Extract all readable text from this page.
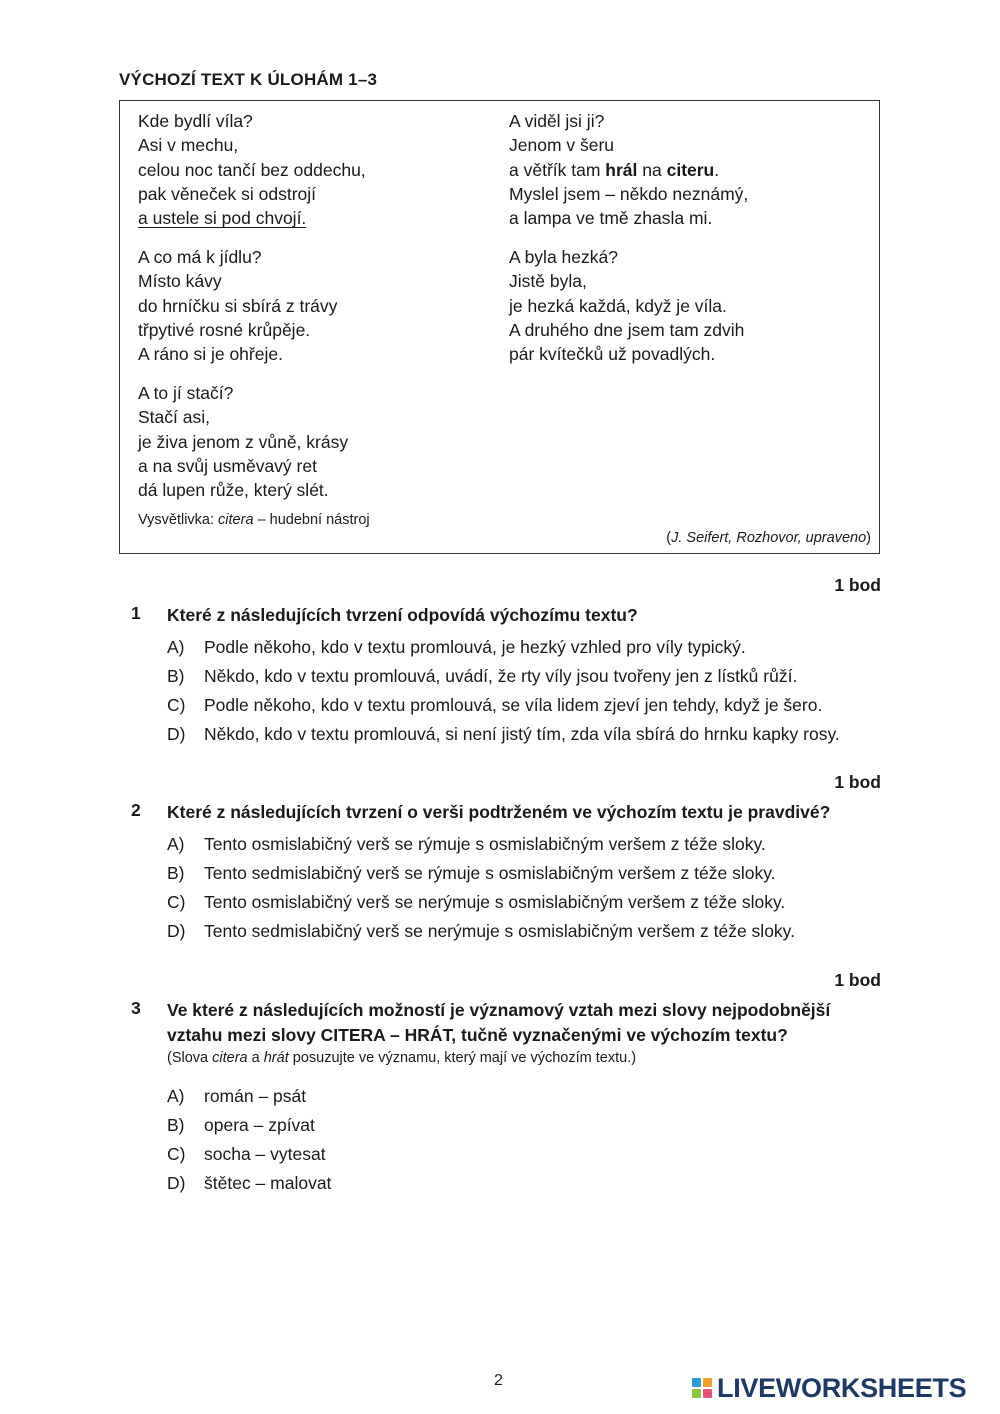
VÝCHOZÍ TEXT K ÚLOHÁM 1–3
Kde bydlí víla?
Asi v mechu,
celou noc tančí bez oddechu,
pak věneček si odstrojí
a ustele si pod chvojí.
A co má k jídlu?
Místo kávy
do hrníčku si sbírá z trávy
třpytivé rosné krůpěje.
A ráno si je ohřeje.
A to jí stačí?
Stačí asi,
je živa jenom z vůně, krásy
a na svůj usměvavý ret
dá lupen růže, který slét.
A viděl jsi ji?
Jenom v šeru
a větřík tam hrál na citeru.
Myslel jsem – někdo neznámý,
a lampa ve tmě zhasla mi.
A byla hezká?
Jistě byla,
je hezká každá, když je víla.
A druhého dne jsem tam zdvih
pár kvítečků už povadlých.
Vysvětlivka: citera – hudební nástroj
(J. Seifert, Rozhovor, upraveno)
1 bod
1 Které z následujících tvrzení odpovídá výchozímu textu?
A) Podle někoho, kdo v textu promlouvá, je hezký vzhled pro víly typický.
B) Někdo, kdo v textu promlouvá, uvádí, že rty víly jsou tvořeny jen z lístků růží.
C) Podle někoho, kdo v textu promlouvá, se víla lidem zjeví jen tehdy, když je šero.
D) Někdo, kdo v textu promlouvá, si není jistý tím, zda víla sbírá do hrnku kapky rosy.
1 bod
2 Které z následujících tvrzení o verši podtrženém ve výchozím textu je pravdivé?
A) Tento osmislabičný verš se rýmuje s osmislabičným veršem z téže sloky.
B) Tento sedmislabičný verš se rýmuje s osmislabičným veršem z téže sloky.
C) Tento osmislabičný verš se nerýmuje s osmislabičným veršem z téže sloky.
D) Tento sedmislabičný verš se nerýmuje s osmislabičným veršem z téže sloky.
1 bod
3 Ve které z následujících možností je významový vztah mezi slovy nejpodobnější
vztahu mezi slovy CITERA – HRÁT, tučně vyznačenými ve výchozím textu?
(Slova citera a hrát posuzujte ve významu, který mají ve výchozím textu.)
A) román – psát
B) opera – zpívat
C) socha – vytesat
D) štětec – malovat
2	LIVEWORKSHEETS
